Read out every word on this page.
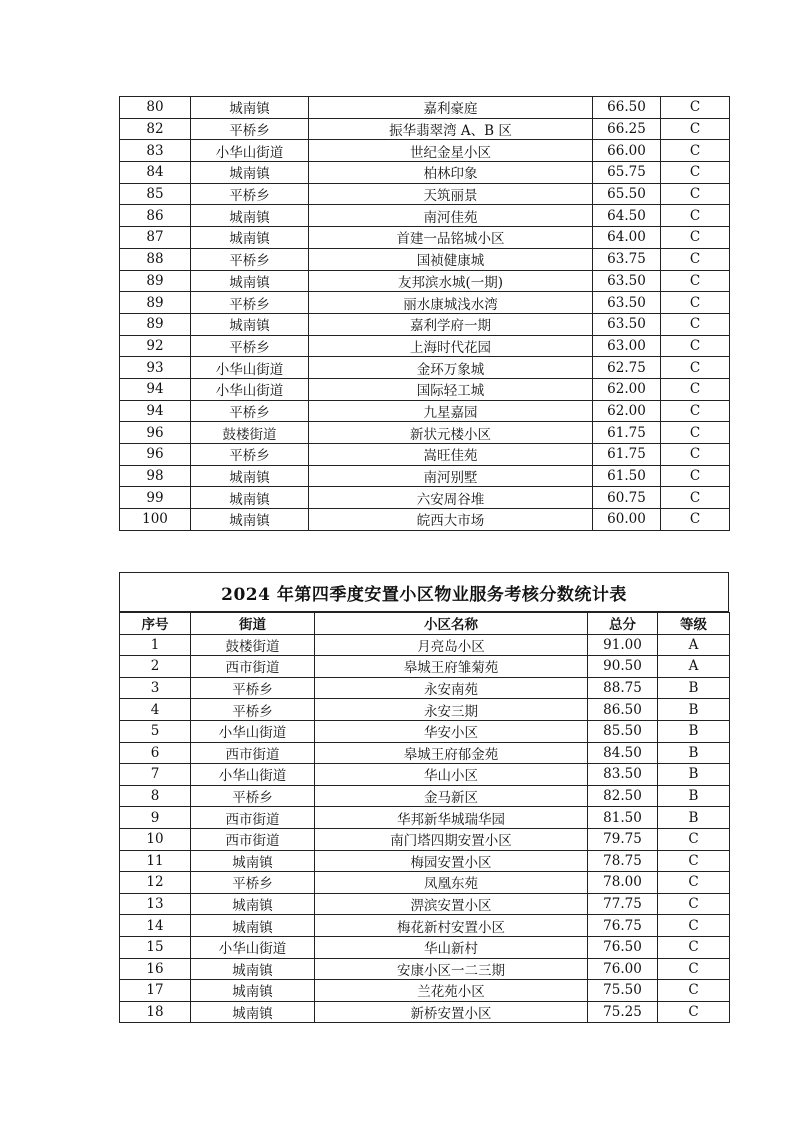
80	城南镇	嘉利豪庭	66.50	C
82	平桥乡	振华翡翠湾 A、B 区	66.25	C
83	小华山街道	世纪金星小区	66.00	C
84	城南镇	柏林印象	65.75	C
85	平桥乡	天筑丽景	65.50	C
86	城南镇	南河佳苑	64.50	C
87	城南镇	首建一品铭城小区	64.00	C
88	平桥乡	国祯健康城	63.75	C
89	城南镇	友邦滨水城(一期)	63.50	C
89	平桥乡	丽水康城浅水湾	63.50	C
89	城南镇	嘉利学府一期	63.50	C
92	平桥乡	上海时代花园	63.00	C
93	小华山街道	金环万象城	62.75	C
94	小华山街道	国际轻工城	62.00	C
94	平桥乡	九星嘉园	62.00	C
96	鼓楼街道	新状元楼小区	61.75	C
96	平桥乡	嵩旺佳苑	61.75	C
98	城南镇	南河别墅	61.50	C
99	城南镇	六安周谷堆	60.75	C
100	城南镇	皖西大市场	60.00	C
2024 年第四季度安置小区物业服务考核分数统计表
序号	街道	小区名称	总分	等级
1	鼓楼街道	月亮岛小区	91.00	A
2	西市街道	皋城王府雏菊苑	90.50	A
3	平桥乡	永安南苑	88.75	B
4	平桥乡	永安三期	86.50	B
5	小华山街道	华安小区	85.50	B
6	西市街道	皋城王府郁金苑	84.50	B
7	小华山街道	华山小区	83.50	B
8	平桥乡	金马新区	82.50	B
9	西市街道	华邦新华城瑞华园	81.50	B
10	西市街道	南门塔四期安置小区	79.75	C
11	城南镇	梅园安置小区	78.75	C
12	平桥乡	凤凰东苑	78.00	C
13	城南镇	淠滨安置小区	77.75	C
14	城南镇	梅花新村安置小区	76.75	C
15	小华山街道	华山新村	76.50	C
16	城南镇	安康小区一二三期	76.00	C
17	城南镇	兰花苑小区	75.50	C
18	城南镇	新桥安置小区	75.25	C
